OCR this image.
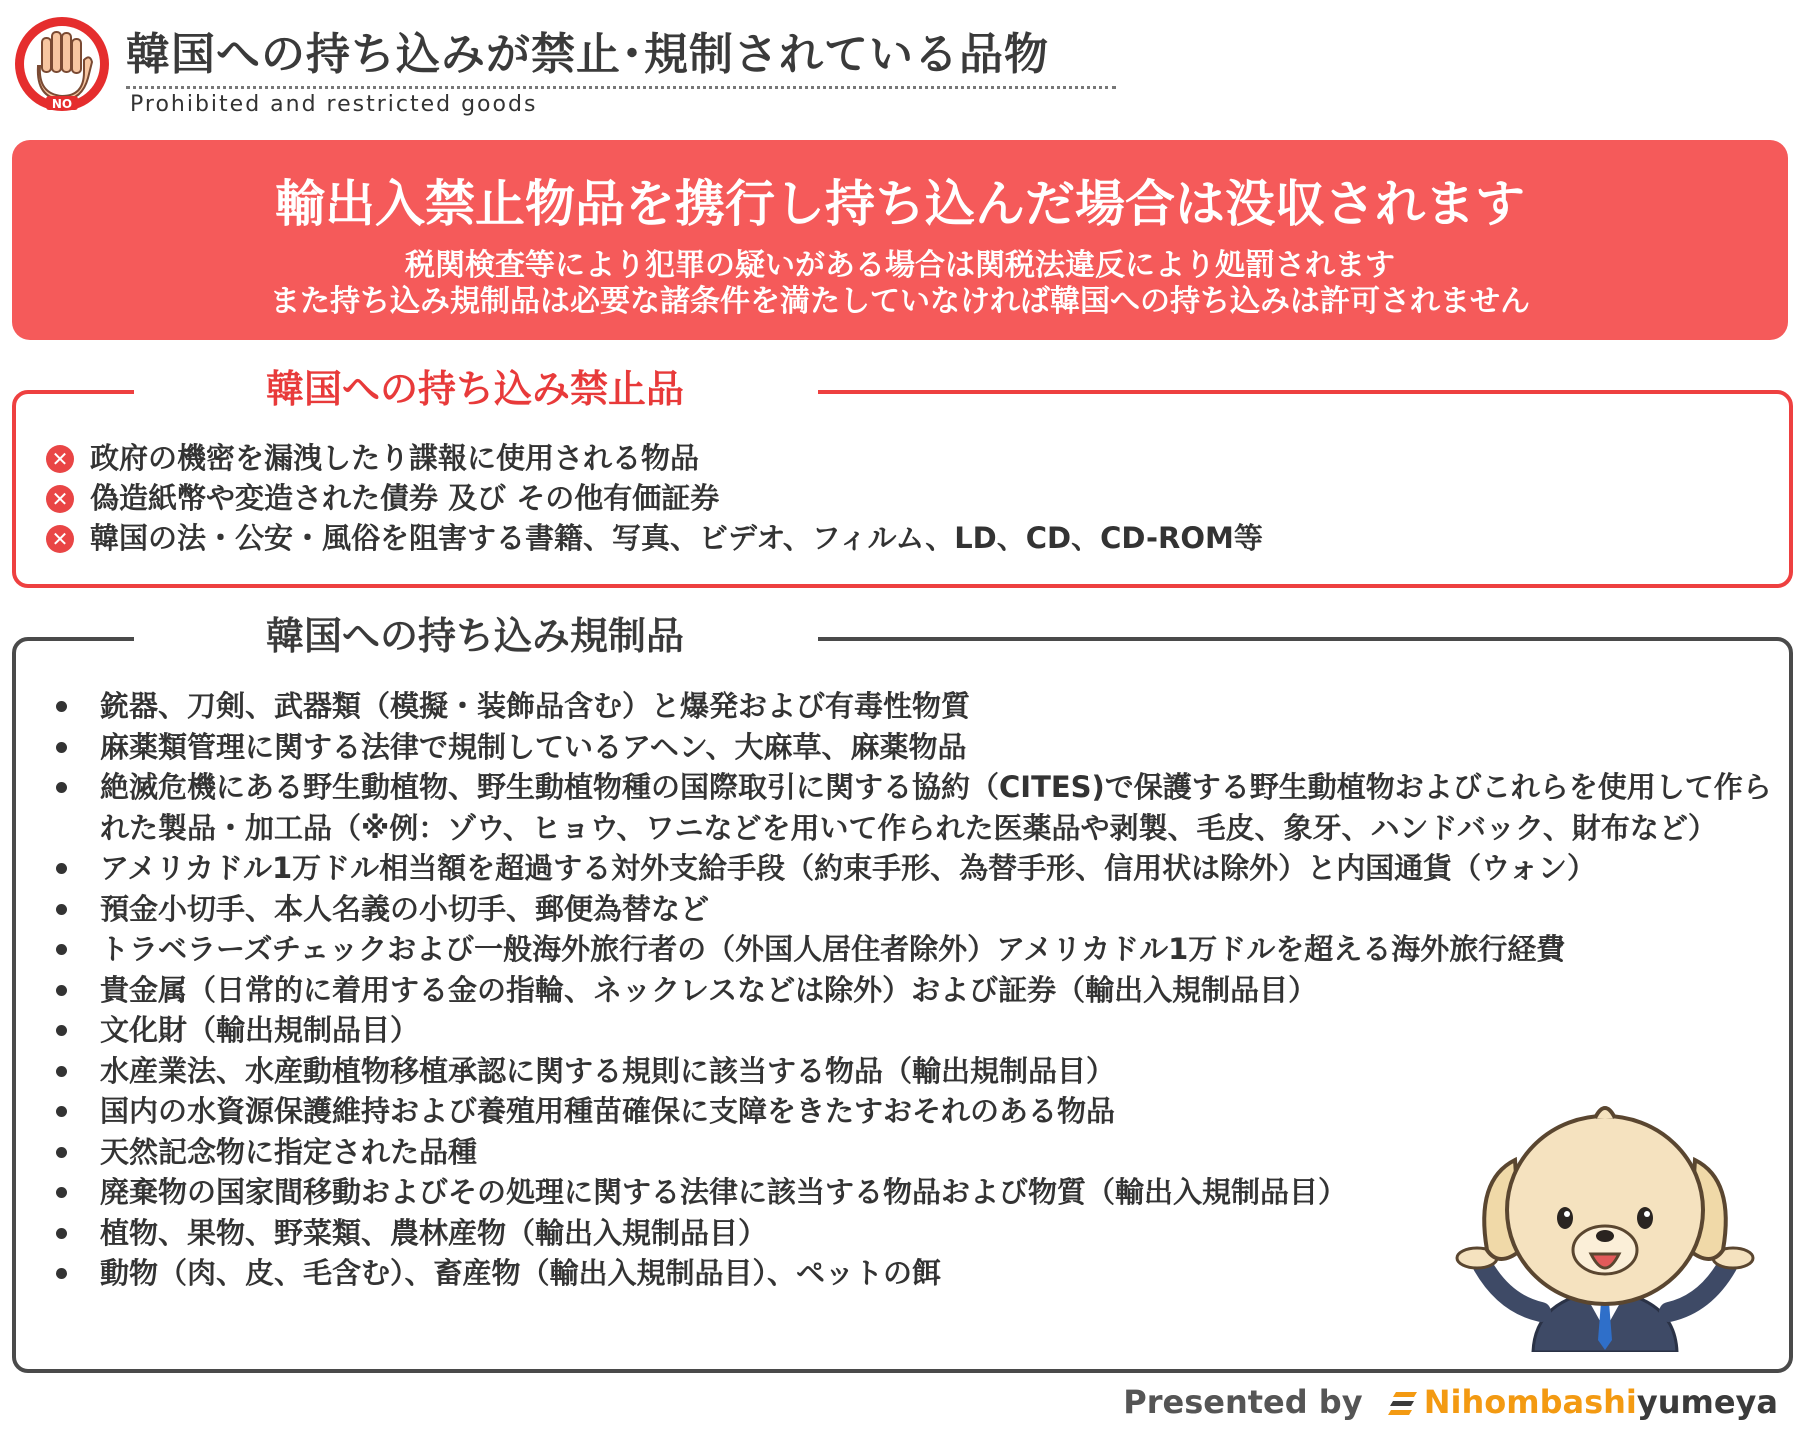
NO
韓国への持ち込みが禁止･規制されている品物
Prohibited and restricted goods
輸出入禁止物品を携行し持ち込んだ場合は没収されます
税関検査等により犯罪の疑いがある場合は関税法違反により処罰されます
また持ち込み規制品は必要な諸条件を満たしていなければ韓国への持ち込みは許可されません
韓国への持ち込み禁止品
✕ 政府の機密を漏洩したり諜報に使用される物品
✕ 偽造紙幣や変造された債券 及び その他有価証券
✕ 韓国の法・公安・風俗を阻害する書籍、写真、ビデオ、フィルム、LD、CD、CD-ROM等
韓国への持ち込み規制品
銃器、刀剣、武器類（模擬・装飾品含む）と爆発および有毒性物質
麻薬類管理に関する法律で規制しているアヘン、大麻草、麻薬物品
絶滅危機にある野生動植物、野生動植物種の国際取引に関する協約（CITES)で保護する野生動植物およびこれらを使用して作られた製品・加工品（※例：ゾウ、ヒョウ、ワニなどを用いて作られた医薬品や剥製、毛皮、象牙、ハンドバック、財布など）
アメリカドル1万ドル相当額を超過する対外支給手段（約束手形、為替手形、信用状は除外）と内国通貨（ウォン）
預金小切手、本人名義の小切手、郵便為替など
トラベラーズチェックおよび一般海外旅行者の（外国人居住者除外）アメリカドル1万ドルを超える海外旅行経費
貴金属（日常的に着用する金の指輪、ネックレスなどは除外）および証券（輸出入規制品目）
文化財（輸出規制品目）
水産業法、水産動植物移植承認に関する規則に該当する物品（輸出規制品目）
国内の水資源保護維持および養殖用種苗確保に支障をきたすおそれのある物品
天然記念物に指定された品種
廃棄物の国家間移動およびその処理に関する法律に該当する物品および物質（輸出入規制品目）
植物、果物、野菜類、農林産物（輸出入規制品目）
動物（肉、皮、毛含む）、畜産物（輸出入規制品目）、ペットの餌
Presented by Nihombashiyumeya
